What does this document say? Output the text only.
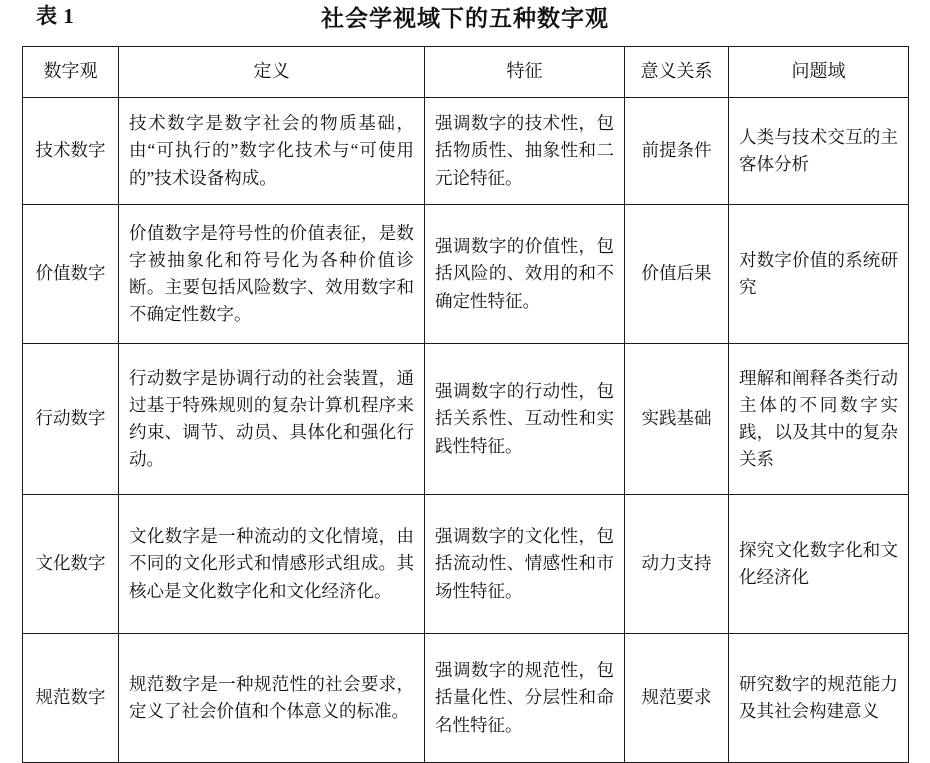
表 1	社会学视域下的五种数字观
数字观	定义	特征	意义关系	问题域
技术数字	技术数字是数字社会的物质基础，由“可执行的”数字化技术与“可使用的”技术设备构成。	强调数字的技术性，包括物质性、抽象性和二元论特征。	前提条件	人类与技术交互的主客体分析
价值数字	价值数字是符号性的价值表征，是数字被抽象化和符号化为各种价值诊断。主要包括风险数字、效用数字和不确定性数字。	强调数字的价值性，包括风险的、效用的和不确定性特征。	价值后果	对数字价值的系统研究
行动数字	行动数字是协调行动的社会装置，通过基于特殊规则的复杂计算机程序来约束、调节、动员、具体化和强化行动。	强调数字的行动性，包括关系性、互动性和实践性特征。	实践基础	理解和阐释各类行动主体的不同数字实践，以及其中的复杂关系
文化数字	文化数字是一种流动的文化情境，由不同的文化形式和情感形式组成。其核心是文化数字化和文化经济化。	强调数字的文化性，包括流动性、情感性和市场性特征。	动力支持	探究文化数字化和文化经济化
规范数字	规范数字是一种规范性的社会要求，定义了社会价值和个体意义的标准。	强调数字的规范性，包括量化性、分层性和命名性特征。	规范要求	研究数字的规范能力及其社会构建意义
